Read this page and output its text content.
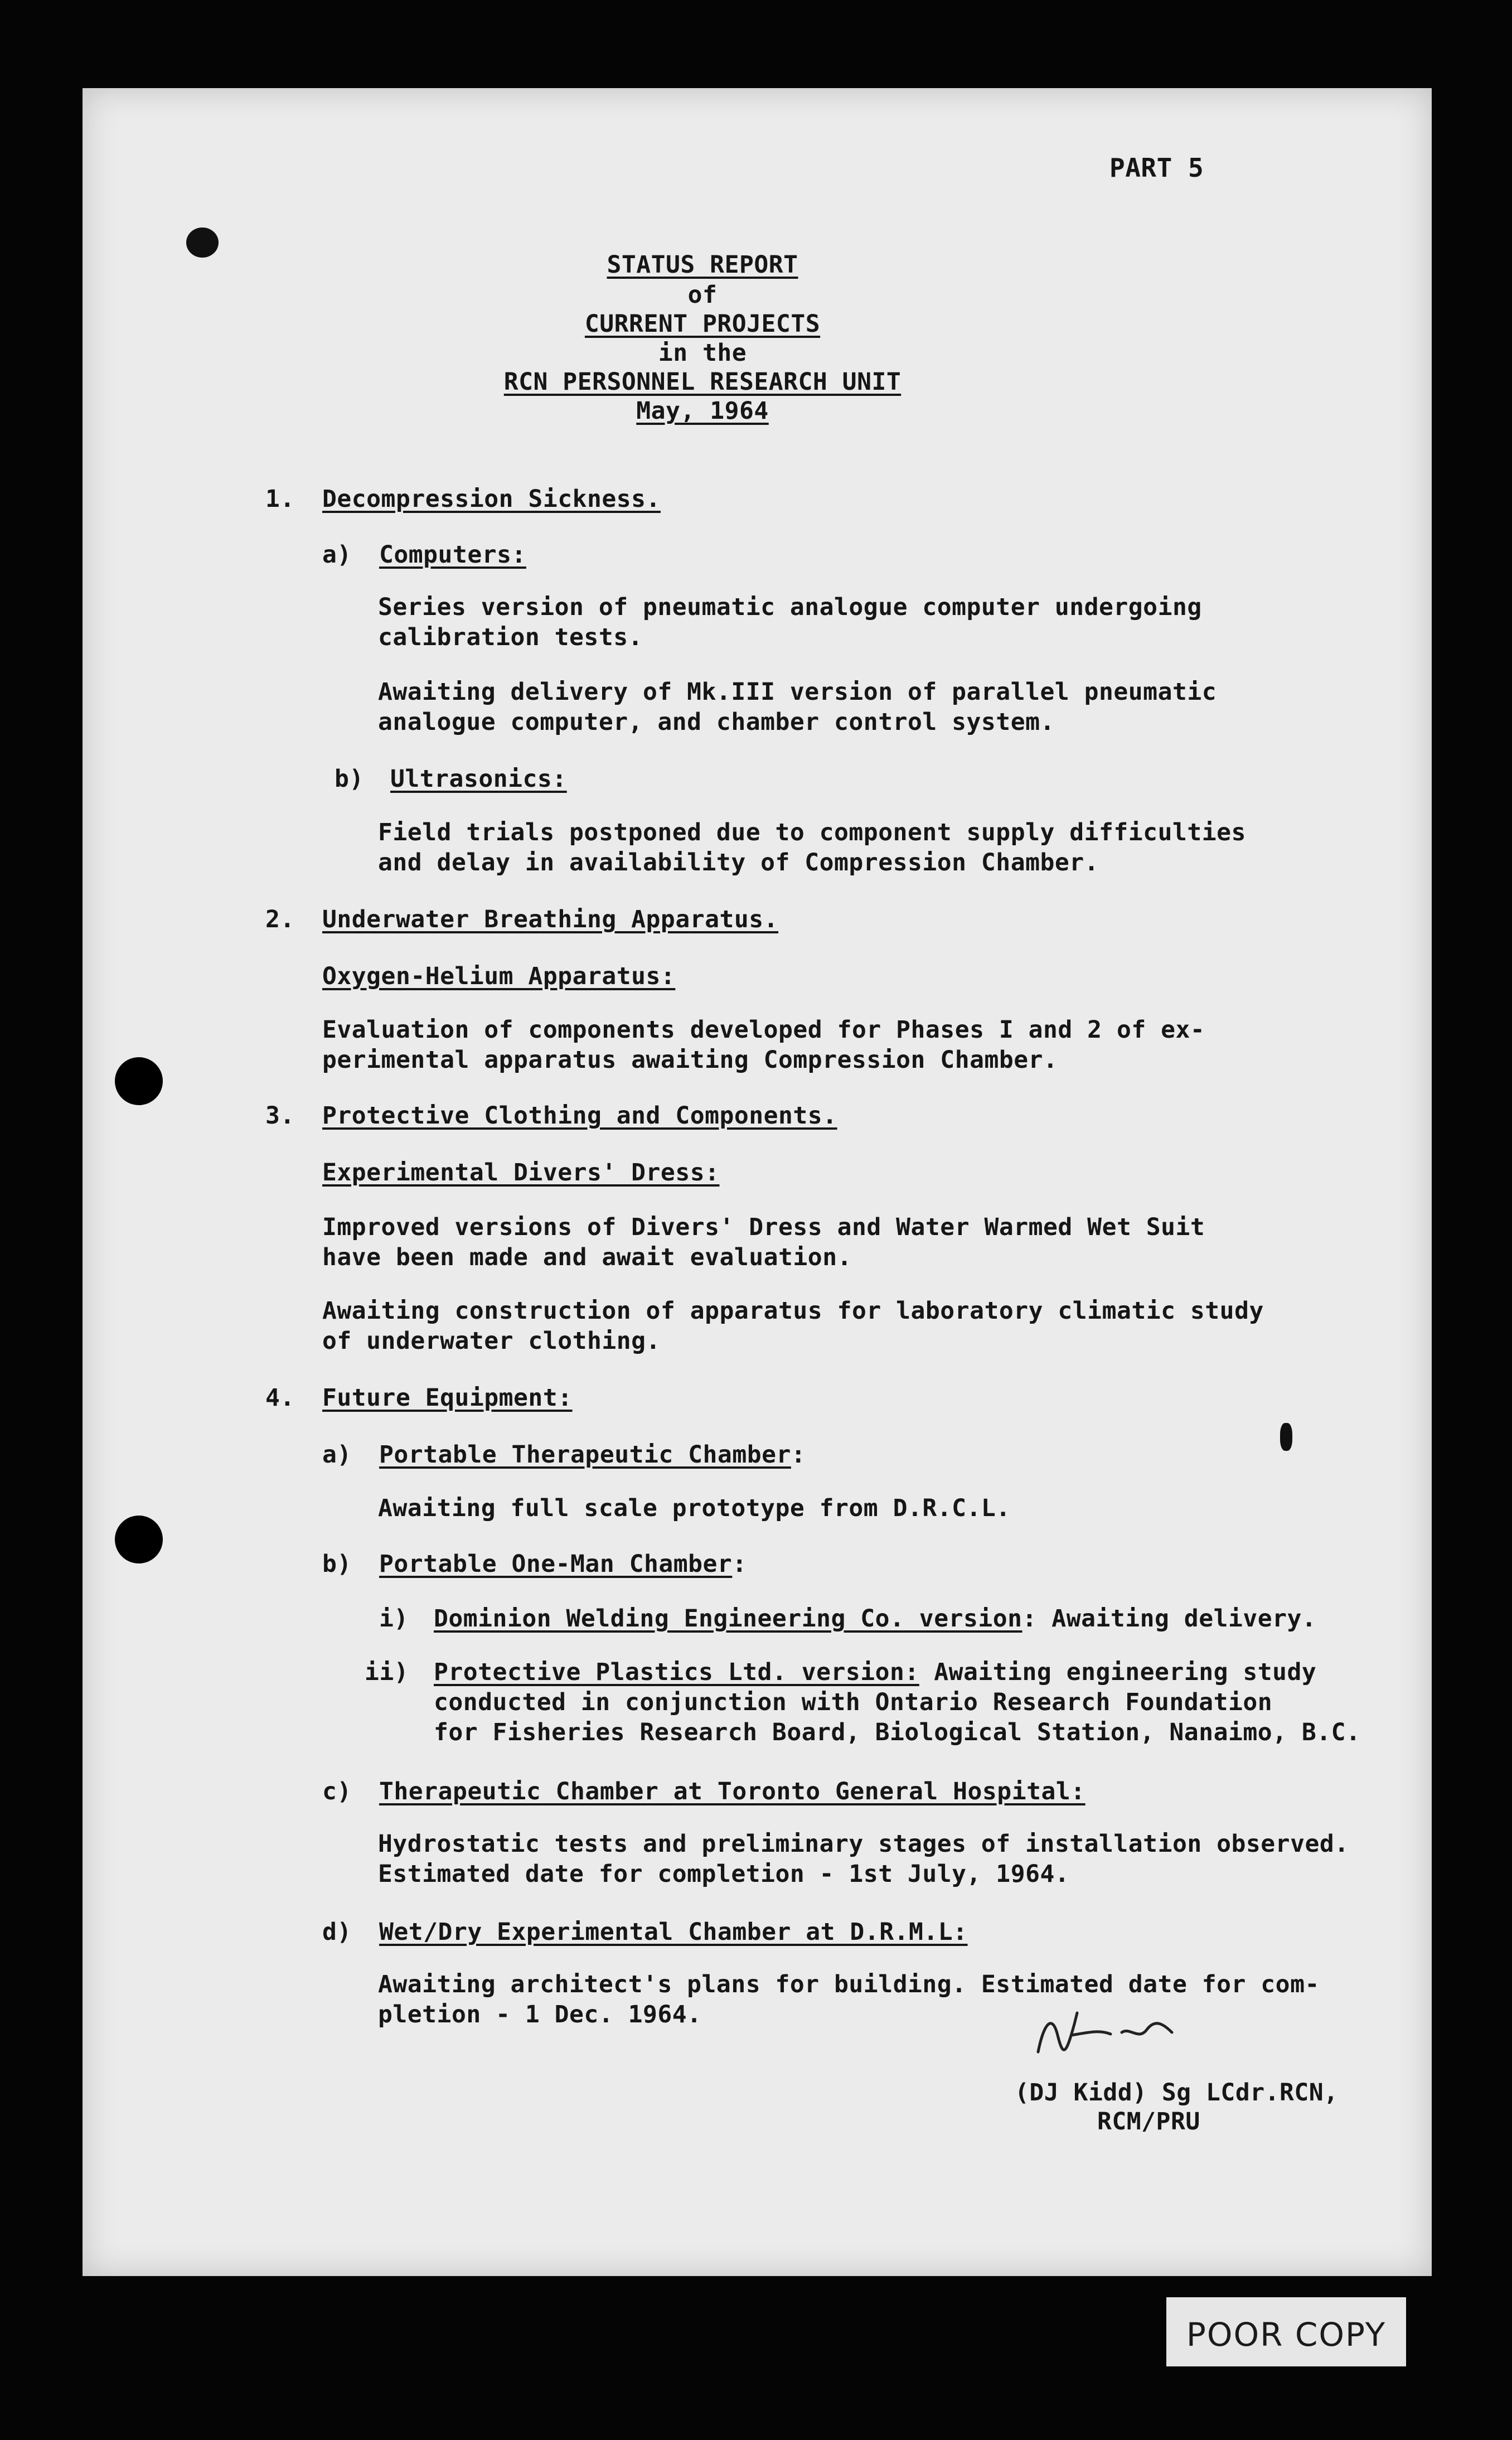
PART 5
STATUS REPORT
of
CURRENT PROJECTS
in the
RCN PERSONNEL RESEARCH UNIT
May, 1964
1. Decompression Sickness.
a) Computers:
Series version of pneumatic analogue computer undergoing
calibration tests.
Awaiting delivery of Mk.III version of parallel pneumatic
analogue computer, and chamber control system.
b) Ultrasonics:
Field trials postponed due to component supply difficulties
and delay in availability of Compression Chamber.
2. Underwater Breathing Apparatus.
Oxygen-Helium Apparatus:
Evaluation of components developed for Phases I and 2 of ex-
perimental apparatus awaiting Compression Chamber.
3. Protective Clothing and Components.
Experimental Divers' Dress:
Improved versions of Divers' Dress and Water Warmed Wet Suit
have been made and await evaluation.
Awaiting construction of apparatus for laboratory climatic study
of underwater clothing.
4. Future Equipment:
a) Portable Therapeutic Chamber:
Awaiting full scale prototype from D.R.C.L.
b) Portable One-Man Chamber:
i) Dominion Welding Engineering Co. version: Awaiting delivery.
ii) Protective Plastics Ltd. version: Awaiting engineering study
conducted in conjunction with Ontario Research Foundation
for Fisheries Research Board, Biological Station, Nanaimo, B.C.
c) Therapeutic Chamber at Toronto General Hospital:
Hydrostatic tests and preliminary stages of installation observed.
Estimated date for completion - 1st July, 1964.
d) Wet/Dry Experimental Chamber at D.R.M.L:
Awaiting architect's plans for building. Estimated date for com-
pletion - 1 Dec. 1964.
(DJ Kidd) Sg LCdr.RCN,
RCM/PRU
POOR COPY
